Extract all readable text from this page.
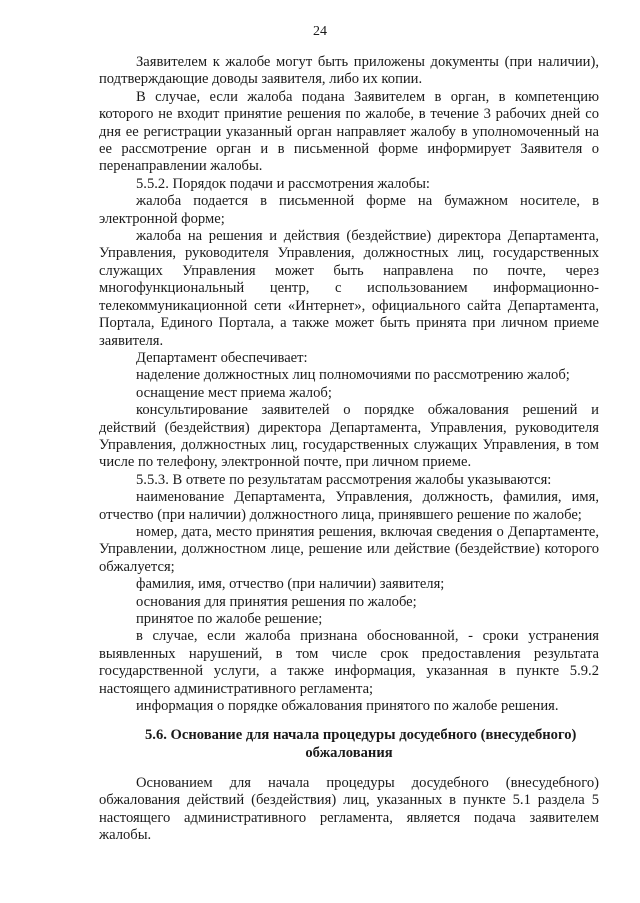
24

Заявителем к жалобе могут быть приложены документы (при наличии), подтверждающие доводы заявителя, либо их копии.

В случае, если жалоба подана Заявителем в орган, в компетенцию которого не входит принятие решения по жалобе, в течение 3 рабочих дней со дня ее регистрации указанный орган направляет жалобу в уполномоченный на ее рассмотрение орган и в письменной форме информирует Заявителя о перенаправлении жалобы.

5.5.2. Порядок подачи и рассмотрения жалобы:

жалоба подается в письменной форме на бумажном носителе, в электронной форме;

жалоба на решения и действия (бездействие) директора Департамента, Управления, руководителя Управления, должностных лиц, государственных служащих Управления может быть направлена по почте, через многофункциональный центр, с использованием информационно-телекоммуникационной сети «Интернет», официального сайта Департамента, Портала, Единого Портала, а также может быть принята при личном приеме заявителя.

Департамент обеспечивает:

наделение должностных лиц полномочиями по рассмотрению жалоб;

оснащение мест приема жалоб;

консультирование заявителей о порядке обжалования решений и действий (бездействия) директора Департамента, Управления, руководителя Управления, должностных лиц, государственных служащих Управления, в том числе по телефону, электронной почте, при личном приеме.

5.5.3. В ответе по результатам рассмотрения жалобы указываются:

наименование Департамента, Управления, должность, фамилия, имя, отчество (при наличии) должностного лица, принявшего решение по жалобе;

номер, дата, место принятия решения, включая сведения о Департаменте, Управлении, должностном лице, решение или действие (бездействие) которого обжалуется;

фамилия, имя, отчество (при наличии) заявителя;

основания для принятия решения по жалобе;

принятое по жалобе решение;

в случае, если жалоба признана обоснованной, - сроки устранения выявленных нарушений, в том числе срок предоставления результата государственной услуги, а также информация, указанная в пункте 5.9.2 настоящего административного регламента;

информация о порядке обжалования принятого по жалобе решения.

5.6. Основание для начала процедуры досудебного (внесудебного)
обжалования

Основанием для начала процедуры досудебного (внесудебного) обжалования действий (бездействия) лиц, указанных в пункте 5.1 раздела 5 настоящего административного регламента, является подача заявителем жалобы.
